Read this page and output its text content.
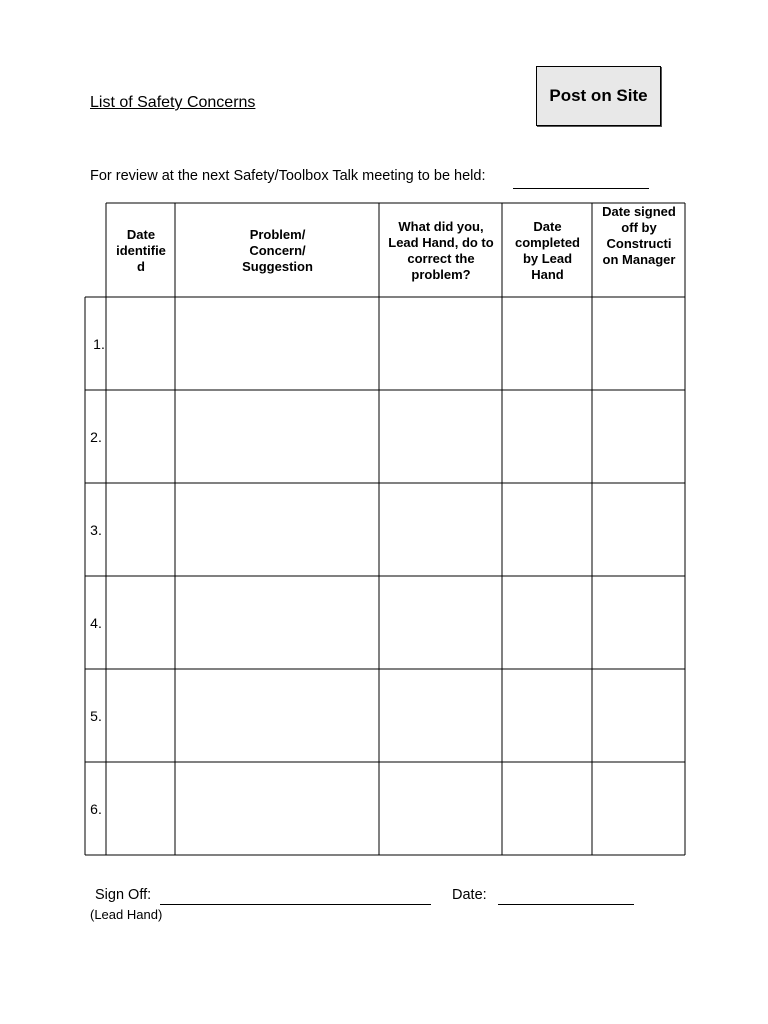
List of Safety Concerns	Post on Site
For review at the next Safety/Toolbox Talk meeting to be held:
Date identifie d
Problem/ Concern/ Suggestion
What did you, Lead Hand, do to correct the problem?
Date completed by Lead Hand
Date signed off by Constructi on Manager
1.
2.
3.
4.
5.
6.
Sign Off:
(Lead Hand)
Date:
